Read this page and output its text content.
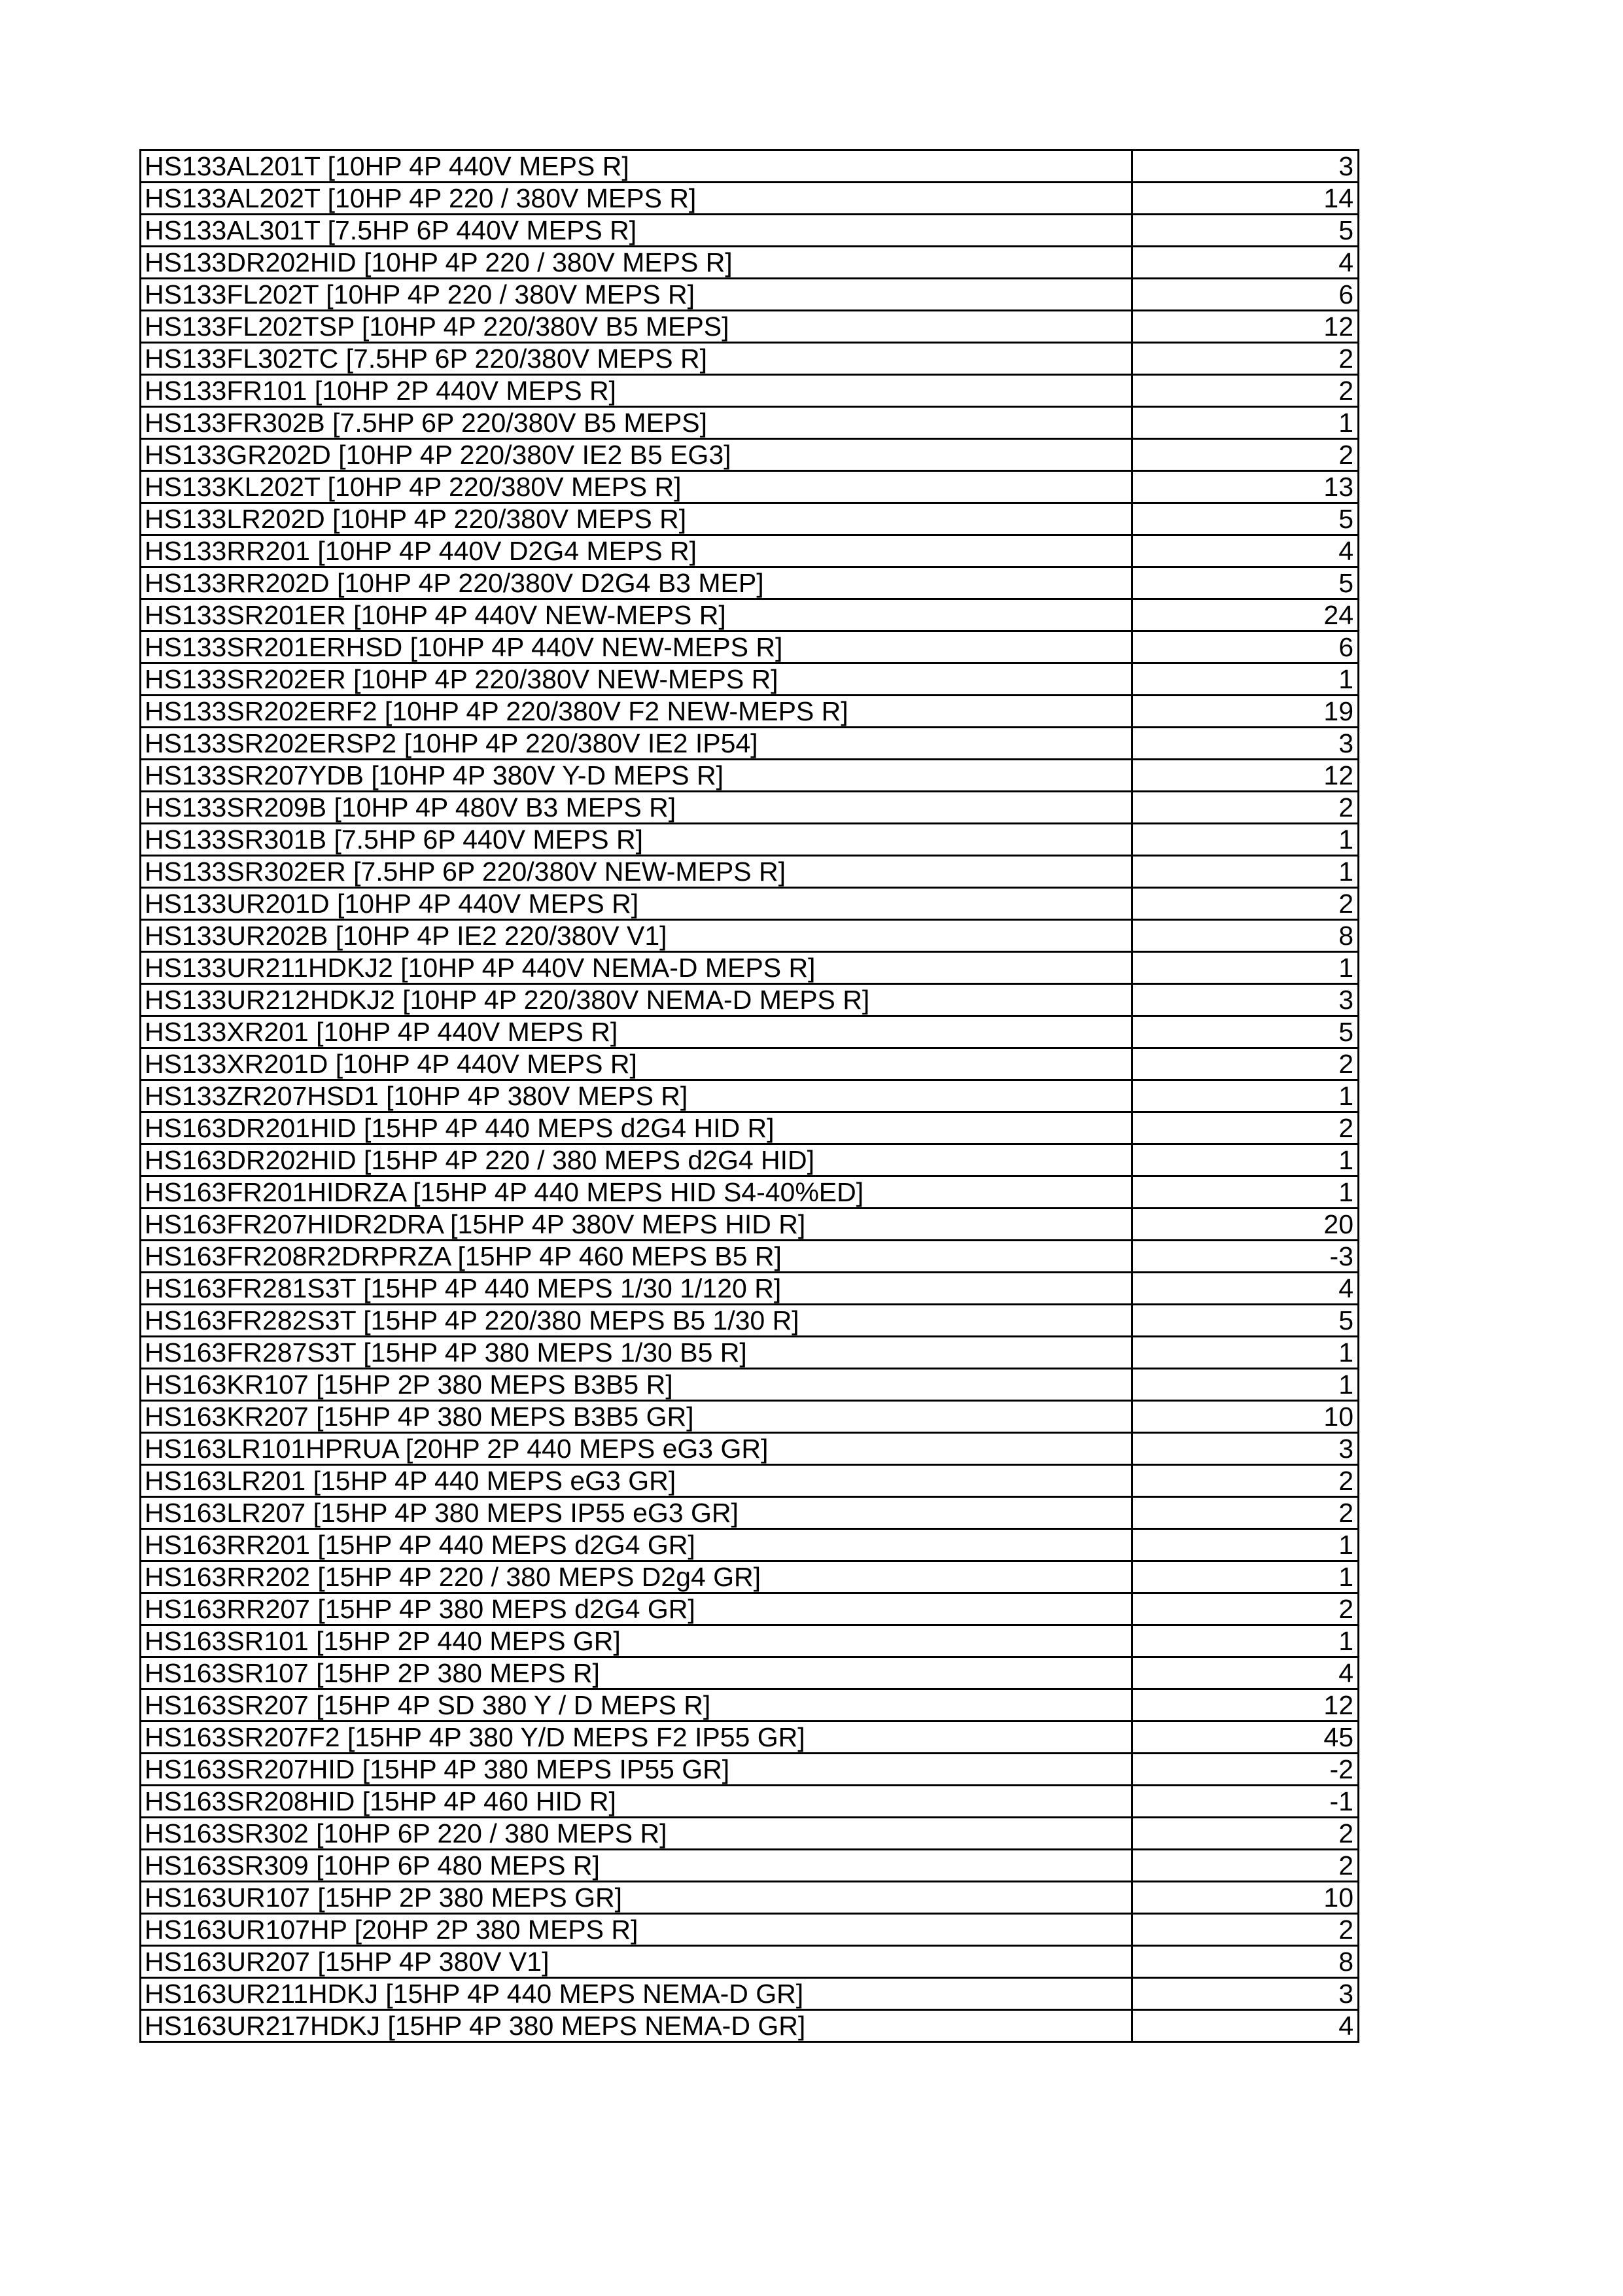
HS133AL201T [10HP 4P 440V MEPS R]	3
HS133AL202T [10HP 4P 220 / 380V MEPS R]	14
HS133AL301T [7.5HP 6P 440V MEPS R]	5
HS133DR202HID [10HP 4P 220 / 380V MEPS R]	4
HS133FL202T [10HP 4P 220 / 380V MEPS R]	6
HS133FL202TSP [10HP 4P 220/380V B5 MEPS]	12
HS133FL302TC [7.5HP 6P 220/380V MEPS R]	2
HS133FR101 [10HP 2P 440V MEPS R]	2
HS133FR302B [7.5HP 6P 220/380V B5 MEPS]	1
HS133GR202D [10HP 4P 220/380V IE2 B5 EG3]	2
HS133KL202T [10HP 4P 220/380V MEPS R]	13
HS133LR202D [10HP 4P 220/380V MEPS R]	5
HS133RR201 [10HP 4P 440V D2G4 MEPS R]	4
HS133RR202D [10HP 4P 220/380V D2G4 B3 MEP]	5
HS133SR201ER [10HP 4P 440V NEW-MEPS R]	24
HS133SR201ERHSD [10HP 4P 440V NEW-MEPS R]	6
HS133SR202ER [10HP 4P 220/380V NEW-MEPS R]	1
HS133SR202ERF2 [10HP 4P 220/380V F2 NEW-MEPS R]	19
HS133SR202ERSP2 [10HP 4P 220/380V IE2 IP54]	3
HS133SR207YDB [10HP 4P 380V Y-D MEPS R]	12
HS133SR209B [10HP 4P 480V B3 MEPS R]	2
HS133SR301B [7.5HP 6P 440V MEPS R]	1
HS133SR302ER [7.5HP 6P 220/380V NEW-MEPS R]	1
HS133UR201D [10HP 4P 440V MEPS R]	2
HS133UR202B [10HP 4P IE2 220/380V V1]	8
HS133UR211HDKJ2 [10HP 4P 440V NEMA-D MEPS R]	1
HS133UR212HDKJ2 [10HP 4P 220/380V NEMA-D MEPS R]	3
HS133XR201 [10HP 4P 440V MEPS R]	5
HS133XR201D [10HP 4P 440V MEPS R]	2
HS133ZR207HSD1 [10HP 4P 380V MEPS R]	1
HS163DR201HID [15HP 4P 440 MEPS d2G4 HID R]	2
HS163DR202HID [15HP 4P 220 / 380 MEPS d2G4 HID]	1
HS163FR201HIDRZA [15HP 4P 440 MEPS HID S4-40%ED]	1
HS163FR207HIDR2DRA [15HP 4P 380V MEPS HID R]	20
HS163FR208R2DRPRZA [15HP 4P 460 MEPS B5 R]	-3
HS163FR281S3T [15HP 4P 440 MEPS 1/30 1/120 R]	4
HS163FR282S3T [15HP 4P 220/380 MEPS B5 1/30 R]	5
HS163FR287S3T [15HP 4P 380 MEPS 1/30 B5 R]	1
HS163KR107 [15HP 2P 380 MEPS B3B5 R]	1
HS163KR207 [15HP 4P 380 MEPS B3B5 GR]	10
HS163LR101HPRUA [20HP 2P 440 MEPS eG3 GR]	3
HS163LR201 [15HP 4P 440 MEPS eG3 GR]	2
HS163LR207 [15HP 4P 380 MEPS IP55 eG3 GR]	2
HS163RR201 [15HP 4P 440 MEPS d2G4 GR]	1
HS163RR202 [15HP 4P 220 / 380 MEPS D2g4 GR]	1
HS163RR207 [15HP 4P 380 MEPS d2G4 GR]	2
HS163SR101 [15HP 2P 440 MEPS GR]	1
HS163SR107 [15HP 2P 380 MEPS R]	4
HS163SR207 [15HP 4P SD 380 Y / D MEPS R]	12
HS163SR207F2 [15HP 4P 380 Y/D MEPS F2 IP55 GR]	45
HS163SR207HID [15HP 4P 380 MEPS IP55 GR]	-2
HS163SR208HID [15HP 4P 460 HID R]	-1
HS163SR302 [10HP 6P 220 / 380 MEPS R]	2
HS163SR309 [10HP 6P 480 MEPS R]	2
HS163UR107 [15HP 2P 380 MEPS GR]	10
HS163UR107HP [20HP 2P 380 MEPS R]	2
HS163UR207 [15HP 4P 380V V1]	8
HS163UR211HDKJ [15HP 4P 440 MEPS NEMA-D GR]	3
HS163UR217HDKJ [15HP 4P 380 MEPS NEMA-D GR]	4
